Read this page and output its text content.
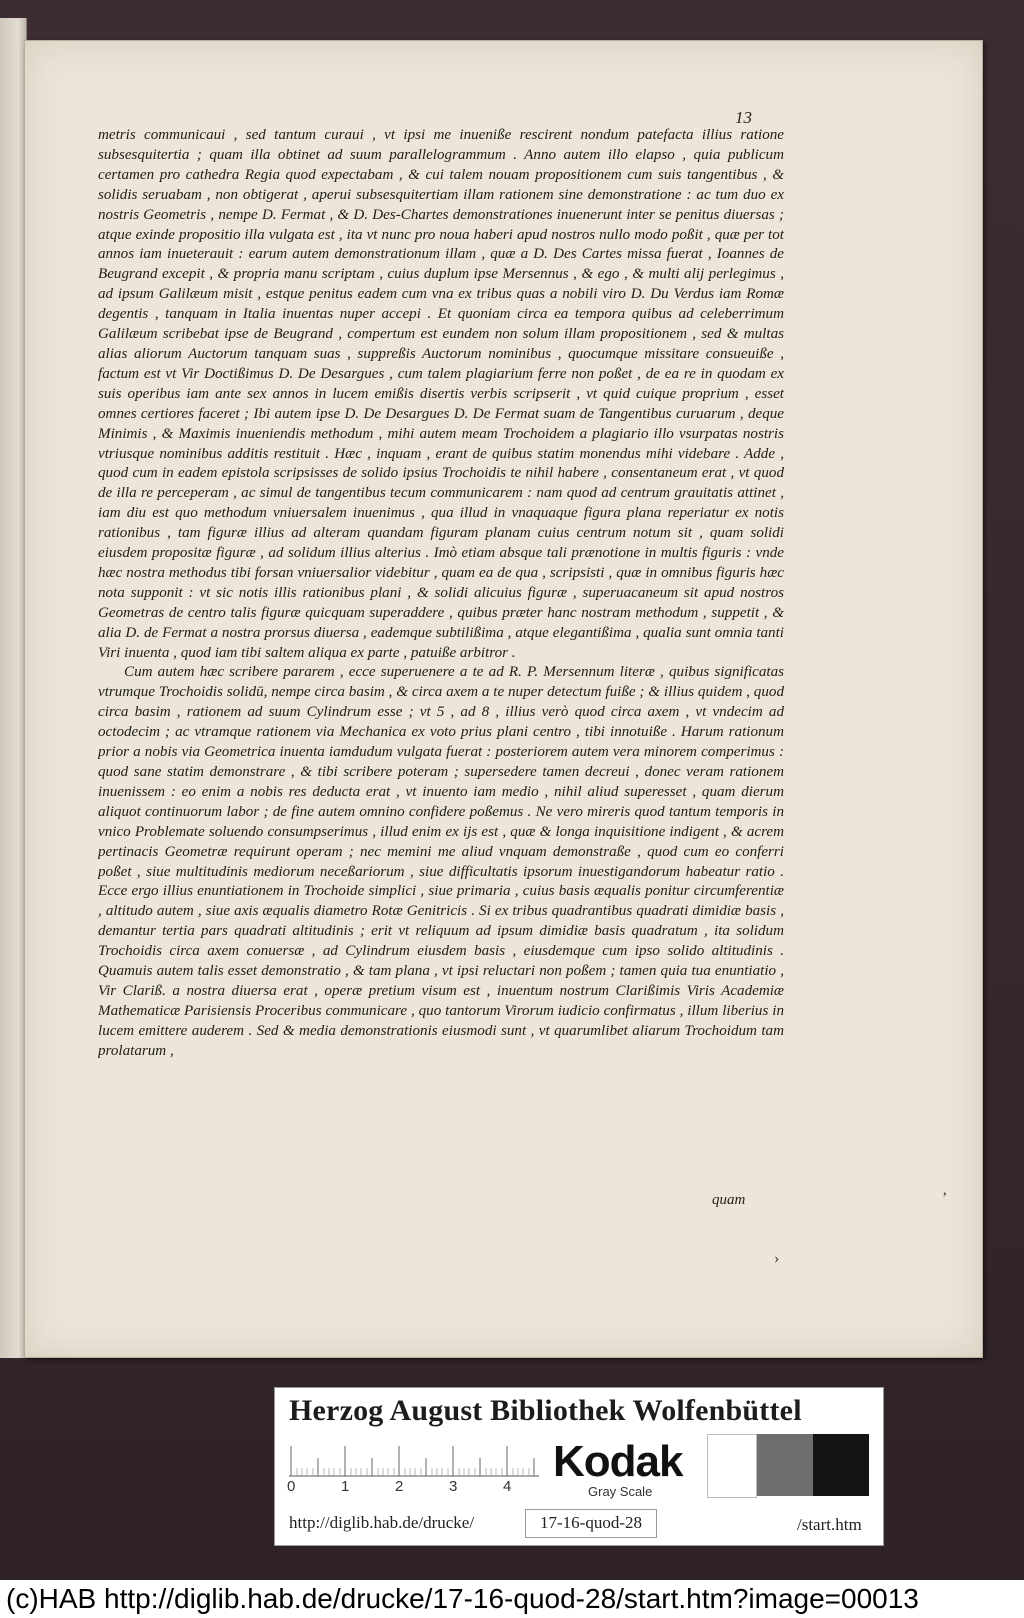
13

metris communicaui , sed tantum curaui , vt ipsi me inueniße rescirent nondum patefacta illius ratione subsesquitertia ; quam illa obtinet ad suum parallelogrammum . Anno autem illo elapso , quia publicum certamen pro cathedra Regia quod expectabam , & cui talem nouam propositionem cum suis tangentibus , & solidis seruabam , non obtigerat , aperui subsesquitertiam illam rationem sine demonstratione : ac tum duo ex nostris Geometris , nempe D. Fermat , & D. Des-Chartes demonstrationes inuenerunt inter se penitus diuersas ; atque exinde propositio illa vulgata est , ita vt nunc pro noua haberi apud nostros nullo modo poßit , quæ per tot annos iam inueterauit : earum autem demonstrationum illam , quæ a D. Des Cartes missa fuerat , Ioannes de Beugrand excepit , & propria manu scriptam , cuius duplum ipse Mersennus , & ego , & multi alij perlegimus , ad ipsum Galilæum misit , estque penitus eadem cum vna ex tribus quas a nobili viro D. Du Verdus iam Romæ degentis , tanquam in Italia inuentas nuper accepi . Et quoniam circa ea tempora quibus ad celeberrimum Galilæum scribebat ipse de Beugrand , compertum est eundem non solum illam propositionem , sed & multas alias aliorum Auctorum tanquam suas , suppreßis Auctorum nominibus , quocumque missitare consueuiße , factum est vt Vir Doctißimus D. De Desargues , cum talem plagiarium ferre non poßet , de ea re in quodam ex suis operibus iam ante sex annos in lucem emißis disertis verbis scripserit , vt quid cuique proprium , esset omnes certiores faceret ; Ibi autem ipse D. De Desargues D. De Fermat suam de Tangentibus curuarum , deque Minimis , & Maximis inueniendis methodum , mihi autem meam Trochoidem a plagiario illo vsurpatas nostris vtriusque nominibus additis restituit . Hæc , inquam , erant de quibus statim monendus mihi videbare . Adde , quod cum in eadem epistola scripsisses de solido ipsius Trochoidis te nihil habere , consentaneum erat , vt quod de illa re perceperam , ac simul de tangentibus tecum communicarem : nam quod ad centrum grauitatis attinet , iam diu est quo methodum vniuersalem inuenimus , qua illud in vnaquaque figura plana reperiatur ex notis rationibus , tam figuræ illius ad alteram quandam figuram planam cuius centrum notum sit , quam solidi eiusdem propositæ figuræ , ad solidum illius alterius . Imò etiam absque tali prænotione in multis figuris : vnde hæc nostra methodus tibi forsan vniuersalior videbitur , quam ea de qua , scripsisti , quæ in omnibus figuris hæc nota supponit : vt sic notis illis rationibus plani , & solidi alicuius figuræ , superuacaneum sit apud nostros Geometras de centro talis figuræ quicquam superaddere , quibus præter hanc nostram methodum , suppetit , & alia D. de Fermat a nostra prorsus diuersa , eademque subtilißima , atque elegantißima , qualia sunt omnia tanti Viri inuenta , quod iam tibi saltem aliqua ex parte , patuiße arbitror .

Cum autem hæc scribere pararem , ecce superuenere a te ad R. P. Mersennum literæ , quibus significatas vtrumque Trochoidis solidū, nempe circa basim , & circa axem a te nuper detectum fuiße ; & illius quidem , quod circa basim , rationem ad suum Cylindrum esse ; vt 5 , ad 8 , illius verò quod circa axem , vt vndecim ad octodecim ; ac vtramque rationem via Mechanica ex voto prius plani centro , tibi innotuiße . Harum rationum prior a nobis via Geometrica inuenta iamdudum vulgata fuerat : posteriorem autem vera minorem comperimus : quod sane statim demonstrare , & tibi scribere poteram ; supersedere tamen decreui , donec veram rationem inuenissem : eo enim a nobis res deducta erat , vt inuento iam medio , nihil aliud superesset , quam dierum aliquot continuorum labor ; de fine autem omnino confidere poßemus . Ne vero mireris quod tantum temporis in vnico Problemate soluendo consumpserimus , illud enim ex ijs est , quæ & longa inquisitione indigent , & acrem pertinacis Geometræ requirunt operam ; nec memini me aliud vnquam demonstraße , quod cum eo conferri poßet , siue multitudinis mediorum neceßariorum , siue difficultatis ipsorum inuestigandorum habeatur ratio . Ecce ergo illius enuntiationem in Trochoide simplici , siue primaria , cuius basis æqualis ponitur circumferentiæ , altitudo autem , siue axis æqualis diametro Rotæ Genitricis . Si ex tribus quadrantibus quadrati dimidiæ basis , demantur tertia pars quadrati altitudinis ; erit vt reliquum ad ipsum dimidiæ basis quadratum , ita solidum Trochoidis circa axem conuersæ , ad Cylindrum eiusdem basis , eiusdemque cum ipso solido altitudinis . Quamuis autem talis esset demonstratio , & tam plana , vt ipsi reluctari non poßem ; tamen quia tua enuntiatio , Vir Clariß. a nostra diuersa erat , operæ pretium visum est , inuentum nostrum Clarißimis Viris Academiæ Mathematicæ Parisiensis Proceribus communicare , quo tantorum Virorum iudicio confirmatus , illum liberius in lucem emittere auderem . Sed & media demonstrationis eiusmodi sunt , vt quarumlibet aliarum Trochoidum tam prolatarum ,

quam	ʼ
›
Herzog August Bibliothek Wolfenbüttel
0	1	2	3	4
Kodak
Gray Scale
http://diglib.hab.de/drucke/	17-16-quod-28	/start.htm
(c)HAB http://diglib.hab.de/drucke/17-16-quod-28/start.htm?image=00013
